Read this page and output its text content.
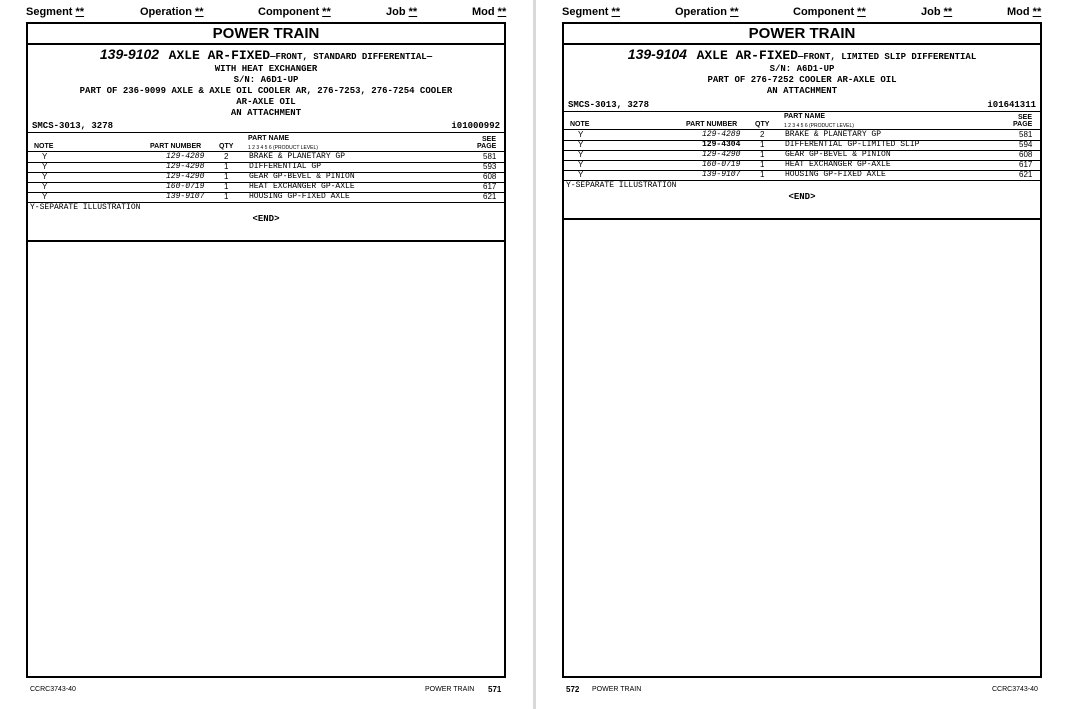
Segment **	Operation **	Component **	Job **	Mod **
POWER TRAIN
139-9102 AXLE AR-FIXED—FRONT, STANDARD DIFFERENTIAL—
WITH HEAT EXCHANGER
S/N: A6D1-UP
PART OF 236-9099 AXLE & AXLE OIL COOLER AR, 276-7253, 276-7254 COOLER
AR-AXLE OIL
AN ATTACHMENT
SMCS-3013, 3278	i01000992
NOTE	PART NUMBER	QTY
PART NAME
1 2 3 4 5 6 (PRODUCT LEVEL)
SEE
PAGE
Y	129-4289 2	BRAKE & PLANETARY GP	581
Y	129-4298 1	DIFFERENTIAL GP	593
Y	129-4290 1	GEAR GP-BEVEL & PINION	608
Y	160-0719 1	HEAT EXCHANGER GP-AXLE	617
Y	139-9107 1	HOUSING GP-FIXED AXLE	621
Y-SEPARATE ILLUSTRATION
<END>
CCRC3743-40	POWER TRAIN 571
Segment **	Operation **	Component **	Job **	Mod **
POWER TRAIN
139-9104 AXLE AR-FIXED—FRONT, LIMITED SLIP DIFFERENTIAL
S/N: A6D1-UP
PART OF 276-7252 COOLER AR-AXLE OIL
AN ATTACHMENT
SMCS-3013, 3278	i01641311
NOTE	PART NUMBER	QTY
PART NAME
1 2 3 4 5 6 (PRODUCT LEVEL)
SEE
PAGE
Y	129-4289 2	BRAKE & PLANETARY GP	581
Y	129-4304 1	DIFFERENTIAL GP-LIMITED SLIP	594
Y	129-4290 1	GEAR GP-BEVEL & PINION	608
Y	160-0719 1	HEAT EXCHANGER GP-AXLE	617
Y	139-9107 1	HOUSING GP-FIXED AXLE	621
Y-SEPARATE ILLUSTRATION
<END>
572 POWER TRAIN	CCRC3743-40
